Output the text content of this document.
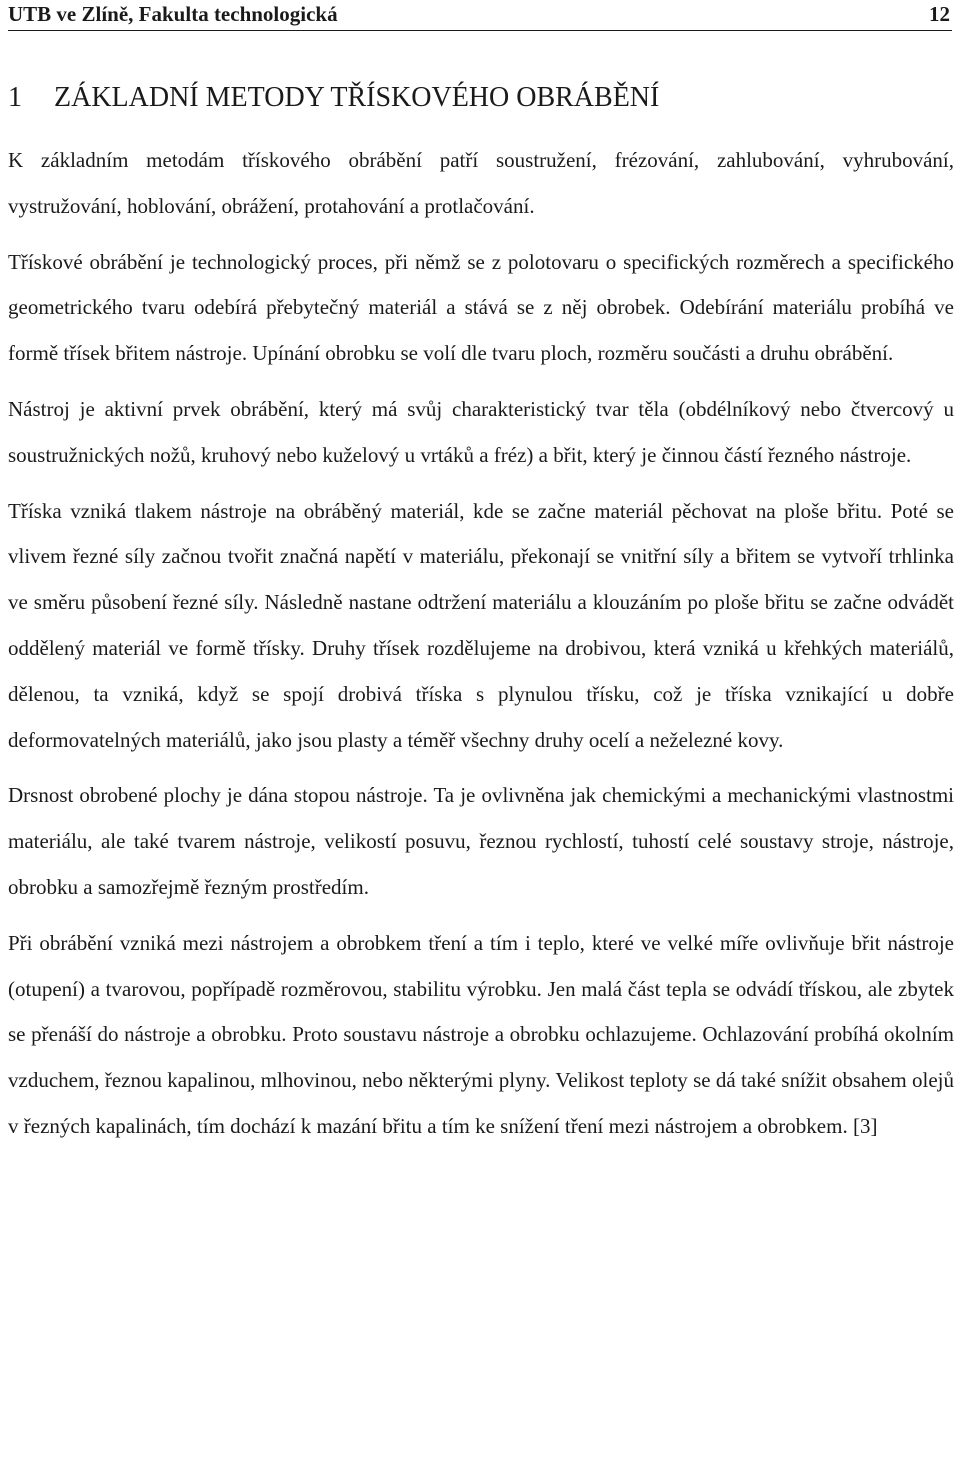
UTB ve Zlíně, Fakulta technologická	12
1 ZÁKLADNÍ METODY TŘÍSKOVÉHO OBRÁBĚNÍ

K základním metodám třískového obrábění patří soustružení, frézování, zahlubování, vyhrubování, vystružování, hoblování, obrážení, protahování a protlačování.

Třískové obrábění je technologický proces, při němž se z polotovaru o specifických rozměrech a specifického geometrického tvaru odebírá přebytečný materiál a stává se z něj obrobek. Odebírání materiálu probíhá ve formě třísek břitem nástroje. Upínání obrobku se volí dle tvaru ploch, rozměru součásti a druhu obrábění.

Nástroj je aktivní prvek obrábění, který má svůj charakteristický tvar těla (obdélníkový nebo čtvercový u soustružnických nožů, kruhový nebo kuželový u vrtáků a fréz) a břit, který je činnou částí řezného nástroje.

Tříska vzniká tlakem nástroje na obráběný materiál, kde se začne materiál pěchovat na ploše břitu. Poté se vlivem řezné síly začnou tvořit značná napětí v materiálu, překonají se vnitřní síly a břitem se vytvoří trhlinka ve směru působení řezné síly. Následně nastane odtržení materiálu a klouzáním po ploše břitu se začne odvádět oddělený materiál ve formě třísky. Druhy třísek rozdělujeme na drobivou, která vzniká u křehkých materiálů, dělenou, ta vzniká, když se spojí drobivá tříska s plynulou třísku, což je tříska vznikající u dobře deformovatelných materiálů, jako jsou plasty a téměř všechny druhy ocelí a neželezné kovy.

Drsnost obrobené plochy je dána stopou nástroje. Ta je ovlivněna jak chemickými a mechanickými vlastnostmi materiálu, ale také tvarem nástroje, velikostí posuvu, řeznou rychlostí, tuhostí celé soustavy stroje, nástroje, obrobku a samozřejmě řezným prostředím.

Při obrábění vzniká mezi nástrojem a obrobkem tření a tím i teplo, které ve velké míře ovlivňuje břit nástroje (otupení) a tvarovou, popřípadě rozměrovou, stabilitu výrobku. Jen malá část tepla se odvádí třískou, ale zbytek se přenáší do nástroje a obrobku. Proto soustavu nástroje a obrobku ochlazujeme. Ochlazování probíhá okolním vzduchem, řeznou kapalinou, mlhovinou, nebo některými plyny. Velikost teploty se dá také snížit obsahem olejů v řezných kapalinách, tím dochází k mazání břitu a tím ke snížení tření mezi nástrojem a obrobkem. [3]
